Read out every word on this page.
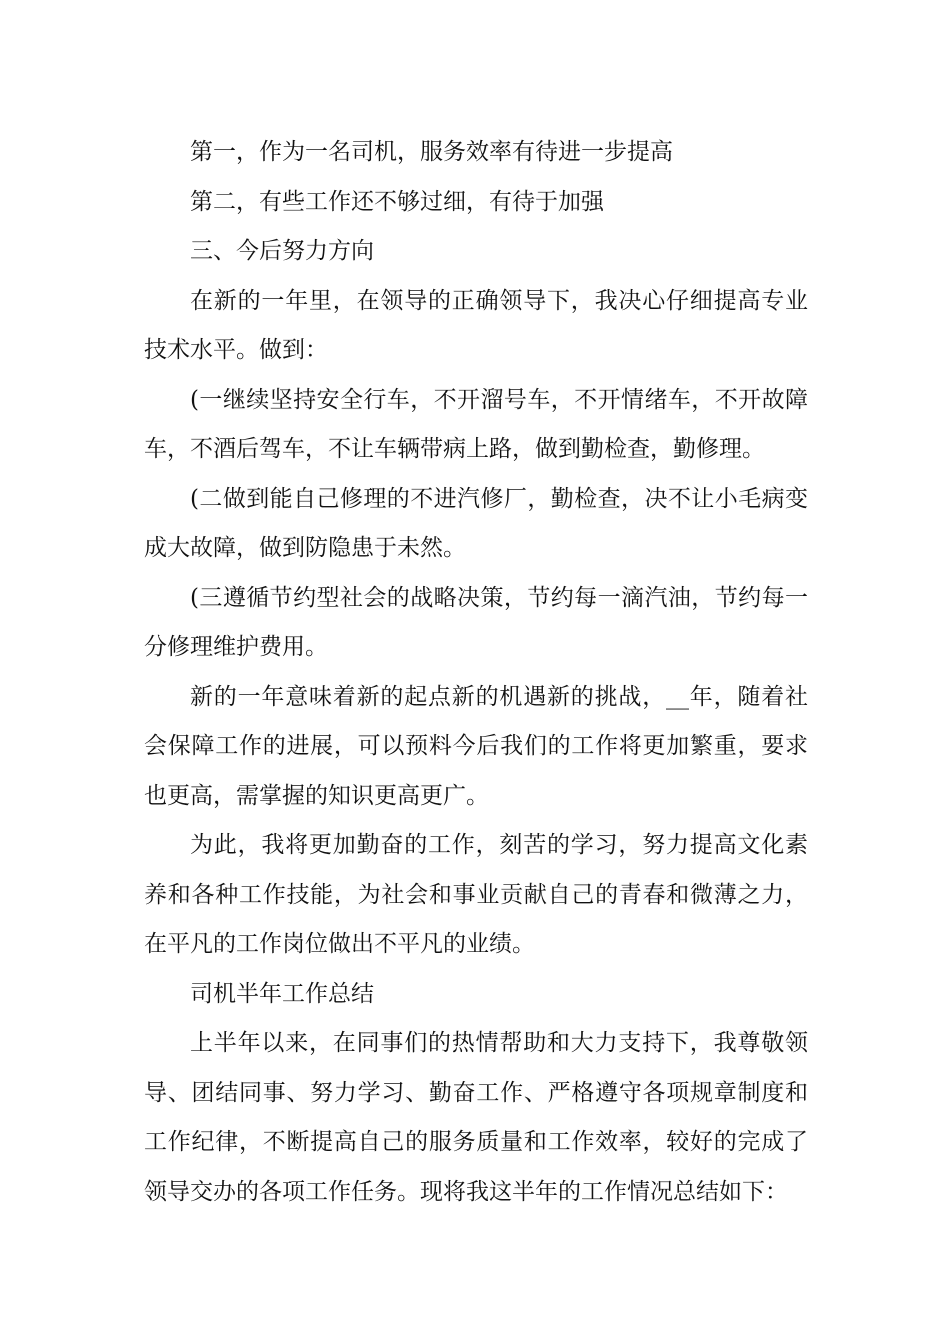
第一，作为一名司机，服务效率有待进一步提高

第二，有些工作还不够过细，有待于加强

三、今后努力方向

在新的一年里，在领导的正确领导下，我决心仔细提高专业技术水平。做到：

(一继续坚持安全行车，不开溜号车，不开情绪车，不开故障车，不酒后驾车，不让车辆带病上路，做到勤检查，勤修理。

(二做到能自己修理的不进汽修厂，勤检查，决不让小毛病变成大故障，做到防隐患于未然。

(三遵循节约型社会的战略决策，节约每一滴汽油，节约每一分修理维护费用。

新的一年意味着新的起点新的机遇新的挑战，__年，随着社会保障工作的进展，可以预料今后我们的工作将更加繁重，要求也更高，需掌握的知识更高更广。

为此，我将更加勤奋的工作，刻苦的学习，努力提高文化素养和各种工作技能，为社会和事业贡献自己的青春和微薄之力，在平凡的工作岗位做出不平凡的业绩。

司机半年工作总结

上半年以来，在同事们的热情帮助和大力支持下，我尊敬领导、团结同事、努力学习、勤奋工作、严格遵守各项规章制度和工作纪律，不断提高自己的服务质量和工作效率，较好的完成了领导交办的各项工作任务。现将我这半年的工作情况总结如下：
